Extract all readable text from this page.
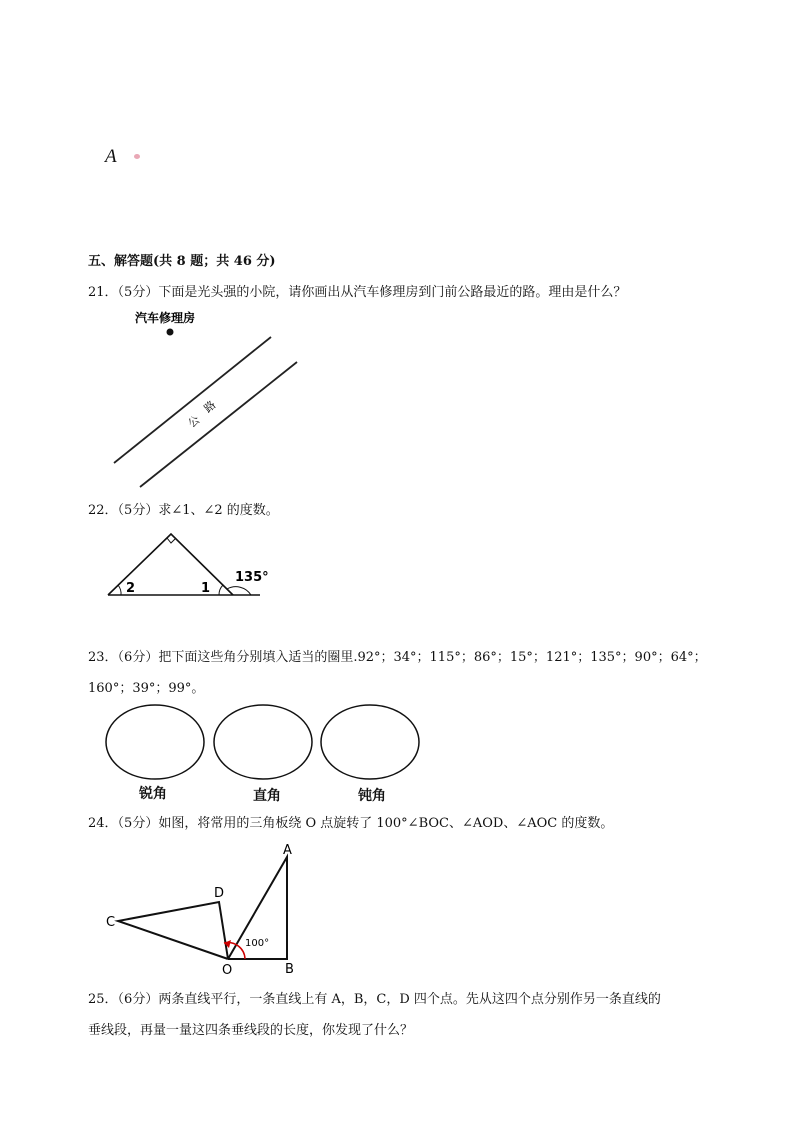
A
五、解答题(共 8 题；共 46 分)
21．（5分）下面是光头强的小院，请你画出从汽车修理房到门前公路最近的路。理由是什么？
汽车修理房
公
路
22．（5分）求∠1、∠2 的度数。
2	1
135°
23．（6分）把下面这些角分别填入适当的圈里.92°；34°；115°；86°；15°；121°；135°；90°；64°；
160°；39°；99°。
锐角	直角	钝角
24．（5分）如图，将常用的三角板绕 O 点旋转了 100°∠BOC、∠AOD、∠AOC 的度数。
A
B
C
D
O
100°
25．（6分）两条直线平行，一条直线上有 A，B，C，D 四个点。先从这四个点分别作另一条直线的
垂线段，再量一量这四条垂线段的长度，你发现了什么？
